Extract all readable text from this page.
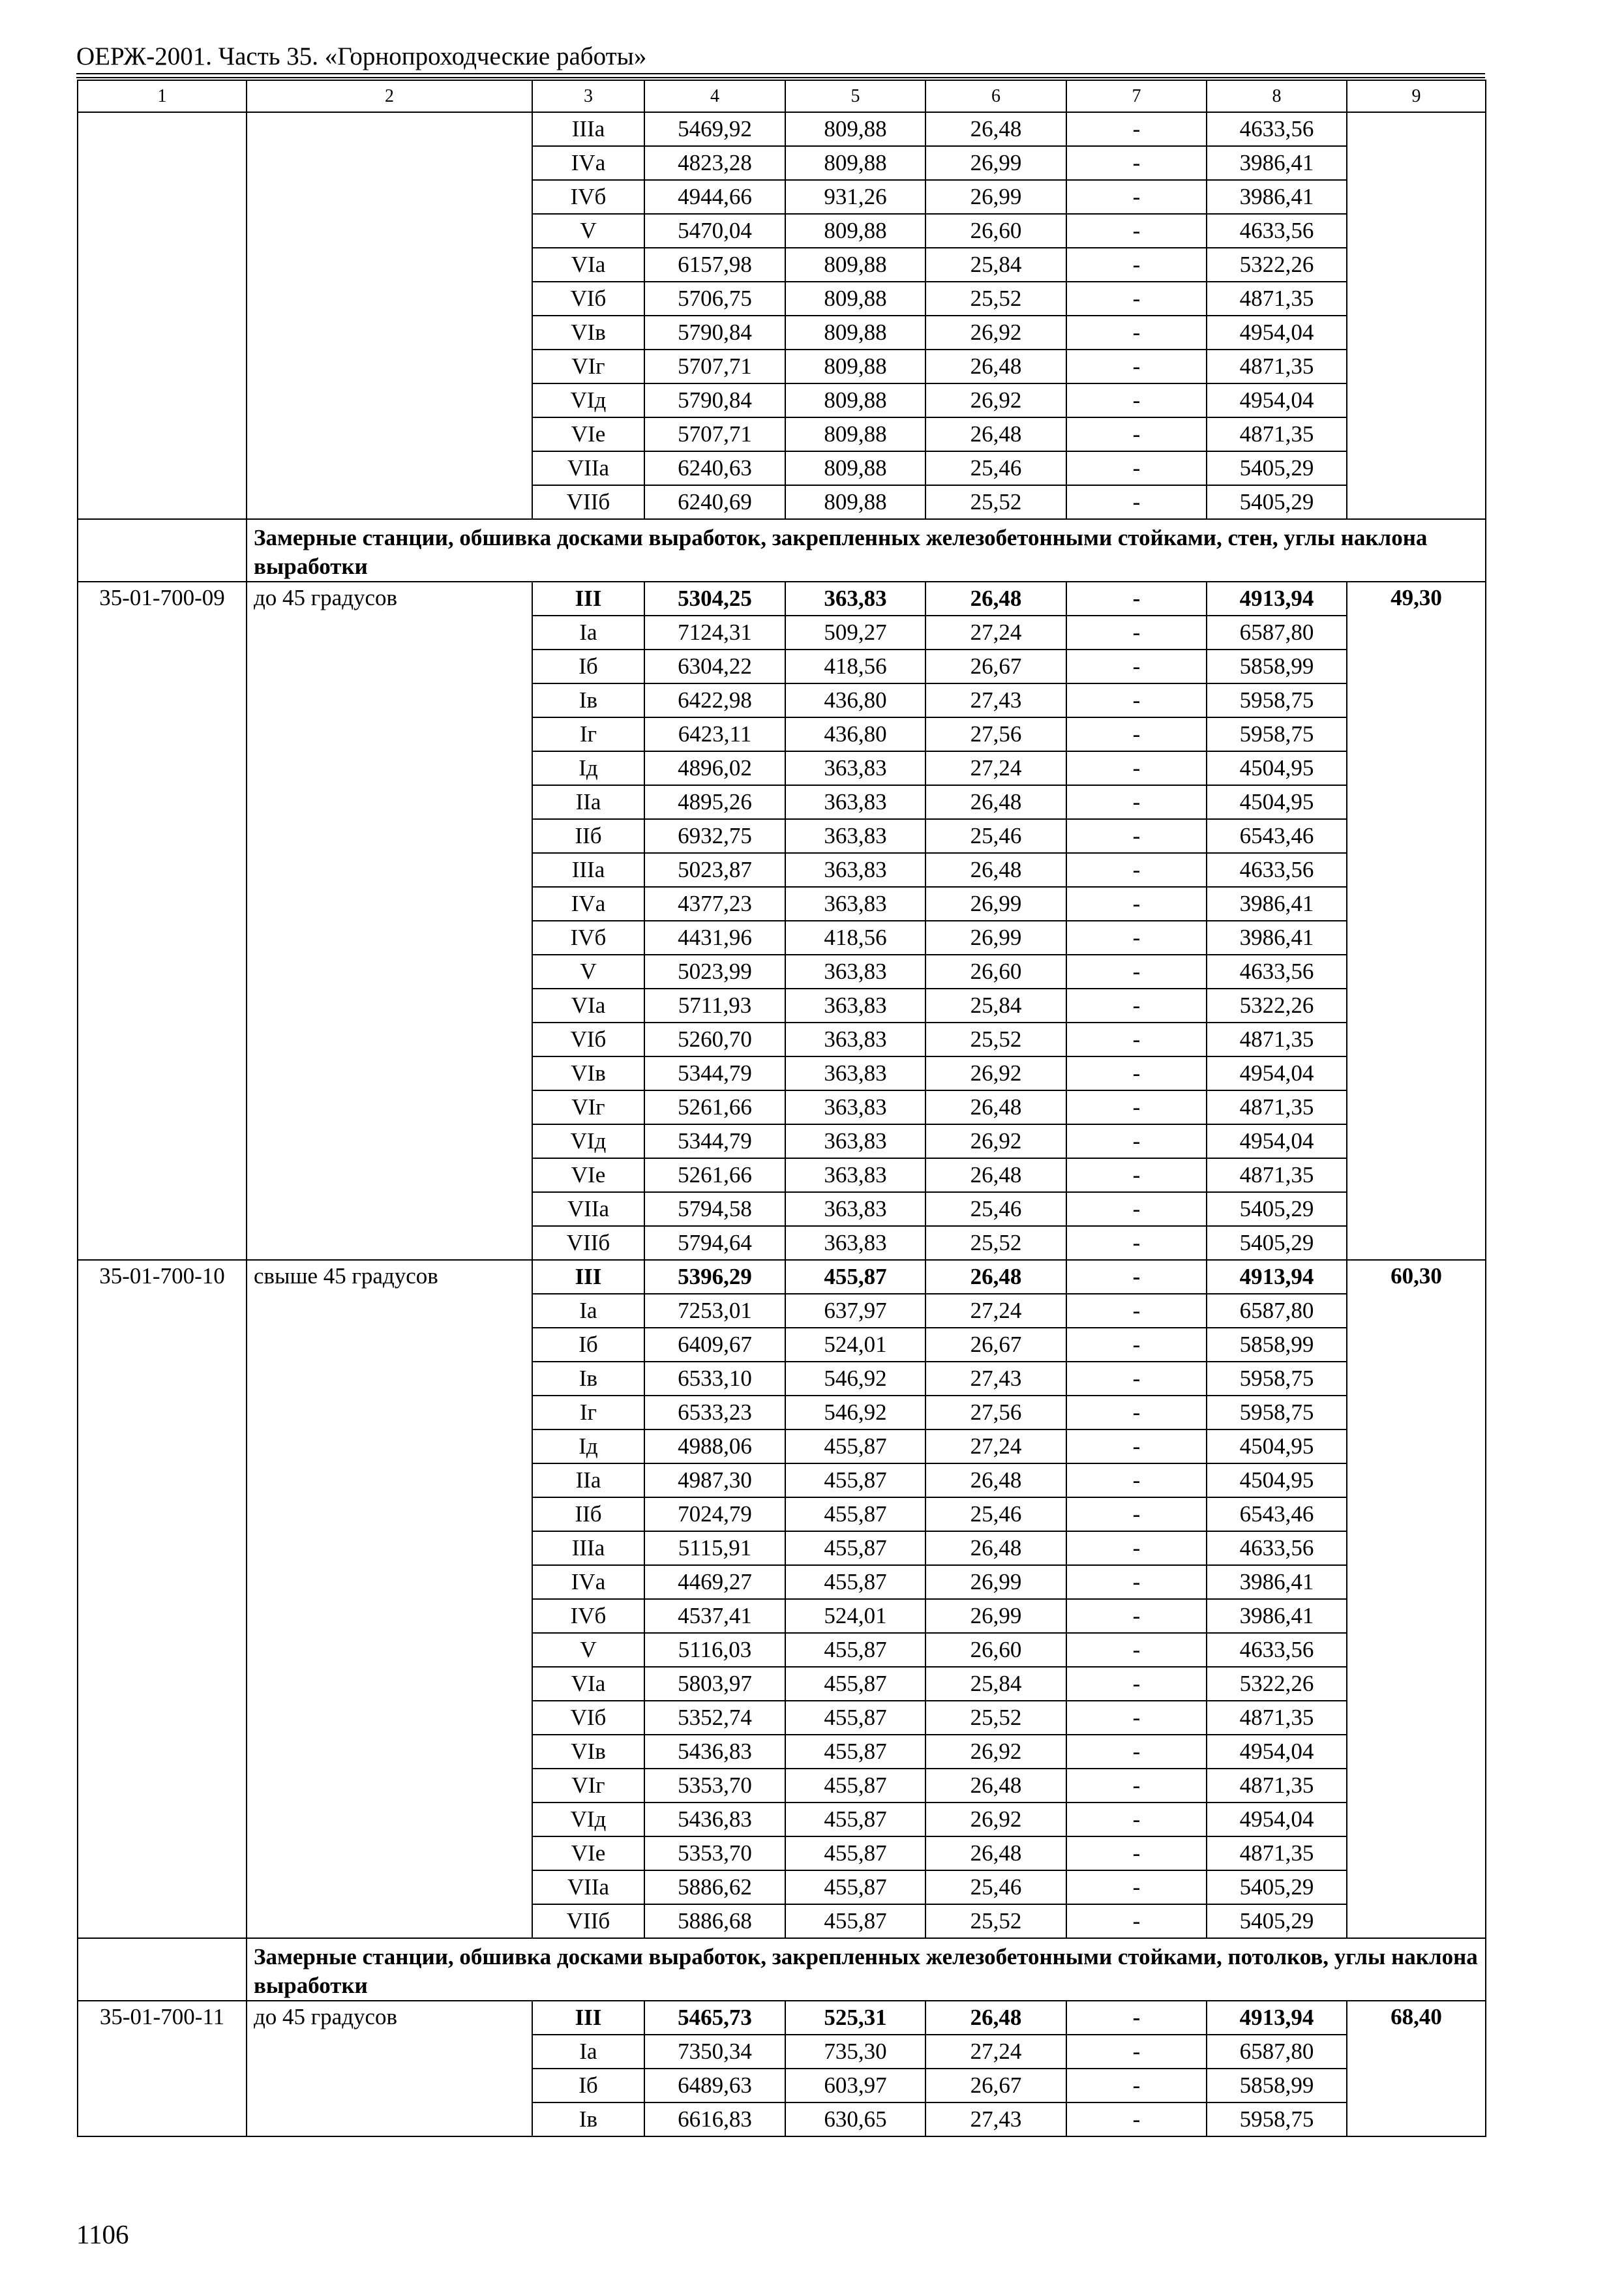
ОЕРЖ-2001. Часть 35. «Горнопроходческие работы»
1	2	3	4	5	6	7	8	9
		IIIа	5469,92	809,88	26,48	-	4633,56	
		IVа	4823,28	809,88	26,99	-	3986,41	
		IVб	4944,66	931,26	26,99	-	3986,41	
		V	5470,04	809,88	26,60	-	4633,56	
		VIа	6157,98	809,88	25,84	-	5322,26	
		VIб	5706,75	809,88	25,52	-	4871,35	
		VIв	5790,84	809,88	26,92	-	4954,04	
		VIг	5707,71	809,88	26,48	-	4871,35	
		VIд	5790,84	809,88	26,92	-	4954,04	
		VIе	5707,71	809,88	26,48	-	4871,35	
		VIIа	6240,63	809,88	25,46	-	5405,29	
		VIIб	6240,69	809,88	25,52	-	5405,29	
	Замерные станции, обшивка досками выработок, закрепленных железобетонными стойками, стен, углы наклона выработки							
35-01-700-09	до 45 градусов	III	5304,25	363,83	26,48	-	4913,94	49,30
		Iа	7124,31	509,27	27,24	-	6587,80	
		Iб	6304,22	418,56	26,67	-	5858,99	
		Iв	6422,98	436,80	27,43	-	5958,75	
		Iг	6423,11	436,80	27,56	-	5958,75	
		Iд	4896,02	363,83	27,24	-	4504,95	
		IIа	4895,26	363,83	26,48	-	4504,95	
		IIб	6932,75	363,83	25,46	-	6543,46	
		IIIа	5023,87	363,83	26,48	-	4633,56	
		IVа	4377,23	363,83	26,99	-	3986,41	
		IVб	4431,96	418,56	26,99	-	3986,41	
		V	5023,99	363,83	26,60	-	4633,56	
		VIа	5711,93	363,83	25,84	-	5322,26	
		VIб	5260,70	363,83	25,52	-	4871,35	
		VIв	5344,79	363,83	26,92	-	4954,04	
		VIг	5261,66	363,83	26,48	-	4871,35	
		VIд	5344,79	363,83	26,92	-	4954,04	
		VIе	5261,66	363,83	26,48	-	4871,35	
		VIIа	5794,58	363,83	25,46	-	5405,29	
		VIIб	5794,64	363,83	25,52	-	5405,29	
35-01-700-10	свыше 45 градусов	III	5396,29	455,87	26,48	-	4913,94	60,30
		Iа	7253,01	637,97	27,24	-	6587,80	
		Iб	6409,67	524,01	26,67	-	5858,99	
		Iв	6533,10	546,92	27,43	-	5958,75	
		Iг	6533,23	546,92	27,56	-	5958,75	
		Iд	4988,06	455,87	27,24	-	4504,95	
		IIа	4987,30	455,87	26,48	-	4504,95	
		IIб	7024,79	455,87	25,46	-	6543,46	
		IIIа	5115,91	455,87	26,48	-	4633,56	
		IVа	4469,27	455,87	26,99	-	3986,41	
		IVб	4537,41	524,01	26,99	-	3986,41	
		V	5116,03	455,87	26,60	-	4633,56	
		VIа	5803,97	455,87	25,84	-	5322,26	
		VIб	5352,74	455,87	25,52	-	4871,35	
		VIв	5436,83	455,87	26,92	-	4954,04	
		VIг	5353,70	455,87	26,48	-	4871,35	
		VIд	5436,83	455,87	26,92	-	4954,04	
		VIе	5353,70	455,87	26,48	-	4871,35	
		VIIа	5886,62	455,87	25,46	-	5405,29	
		VIIб	5886,68	455,87	25,52	-	5405,29	
	Замерные станции, обшивка досками выработок, закрепленных железобетонными стойками, потолков, углы наклона выработки							
35-01-700-11	до 45 градусов	III	5465,73	525,31	26,48	-	4913,94	68,40
		Iа	7350,34	735,30	27,24	-	6587,80	
		Iб	6489,63	603,97	26,67	-	5858,99	
		Iв	6616,83	630,65	27,43	-	5958,75	
1106
